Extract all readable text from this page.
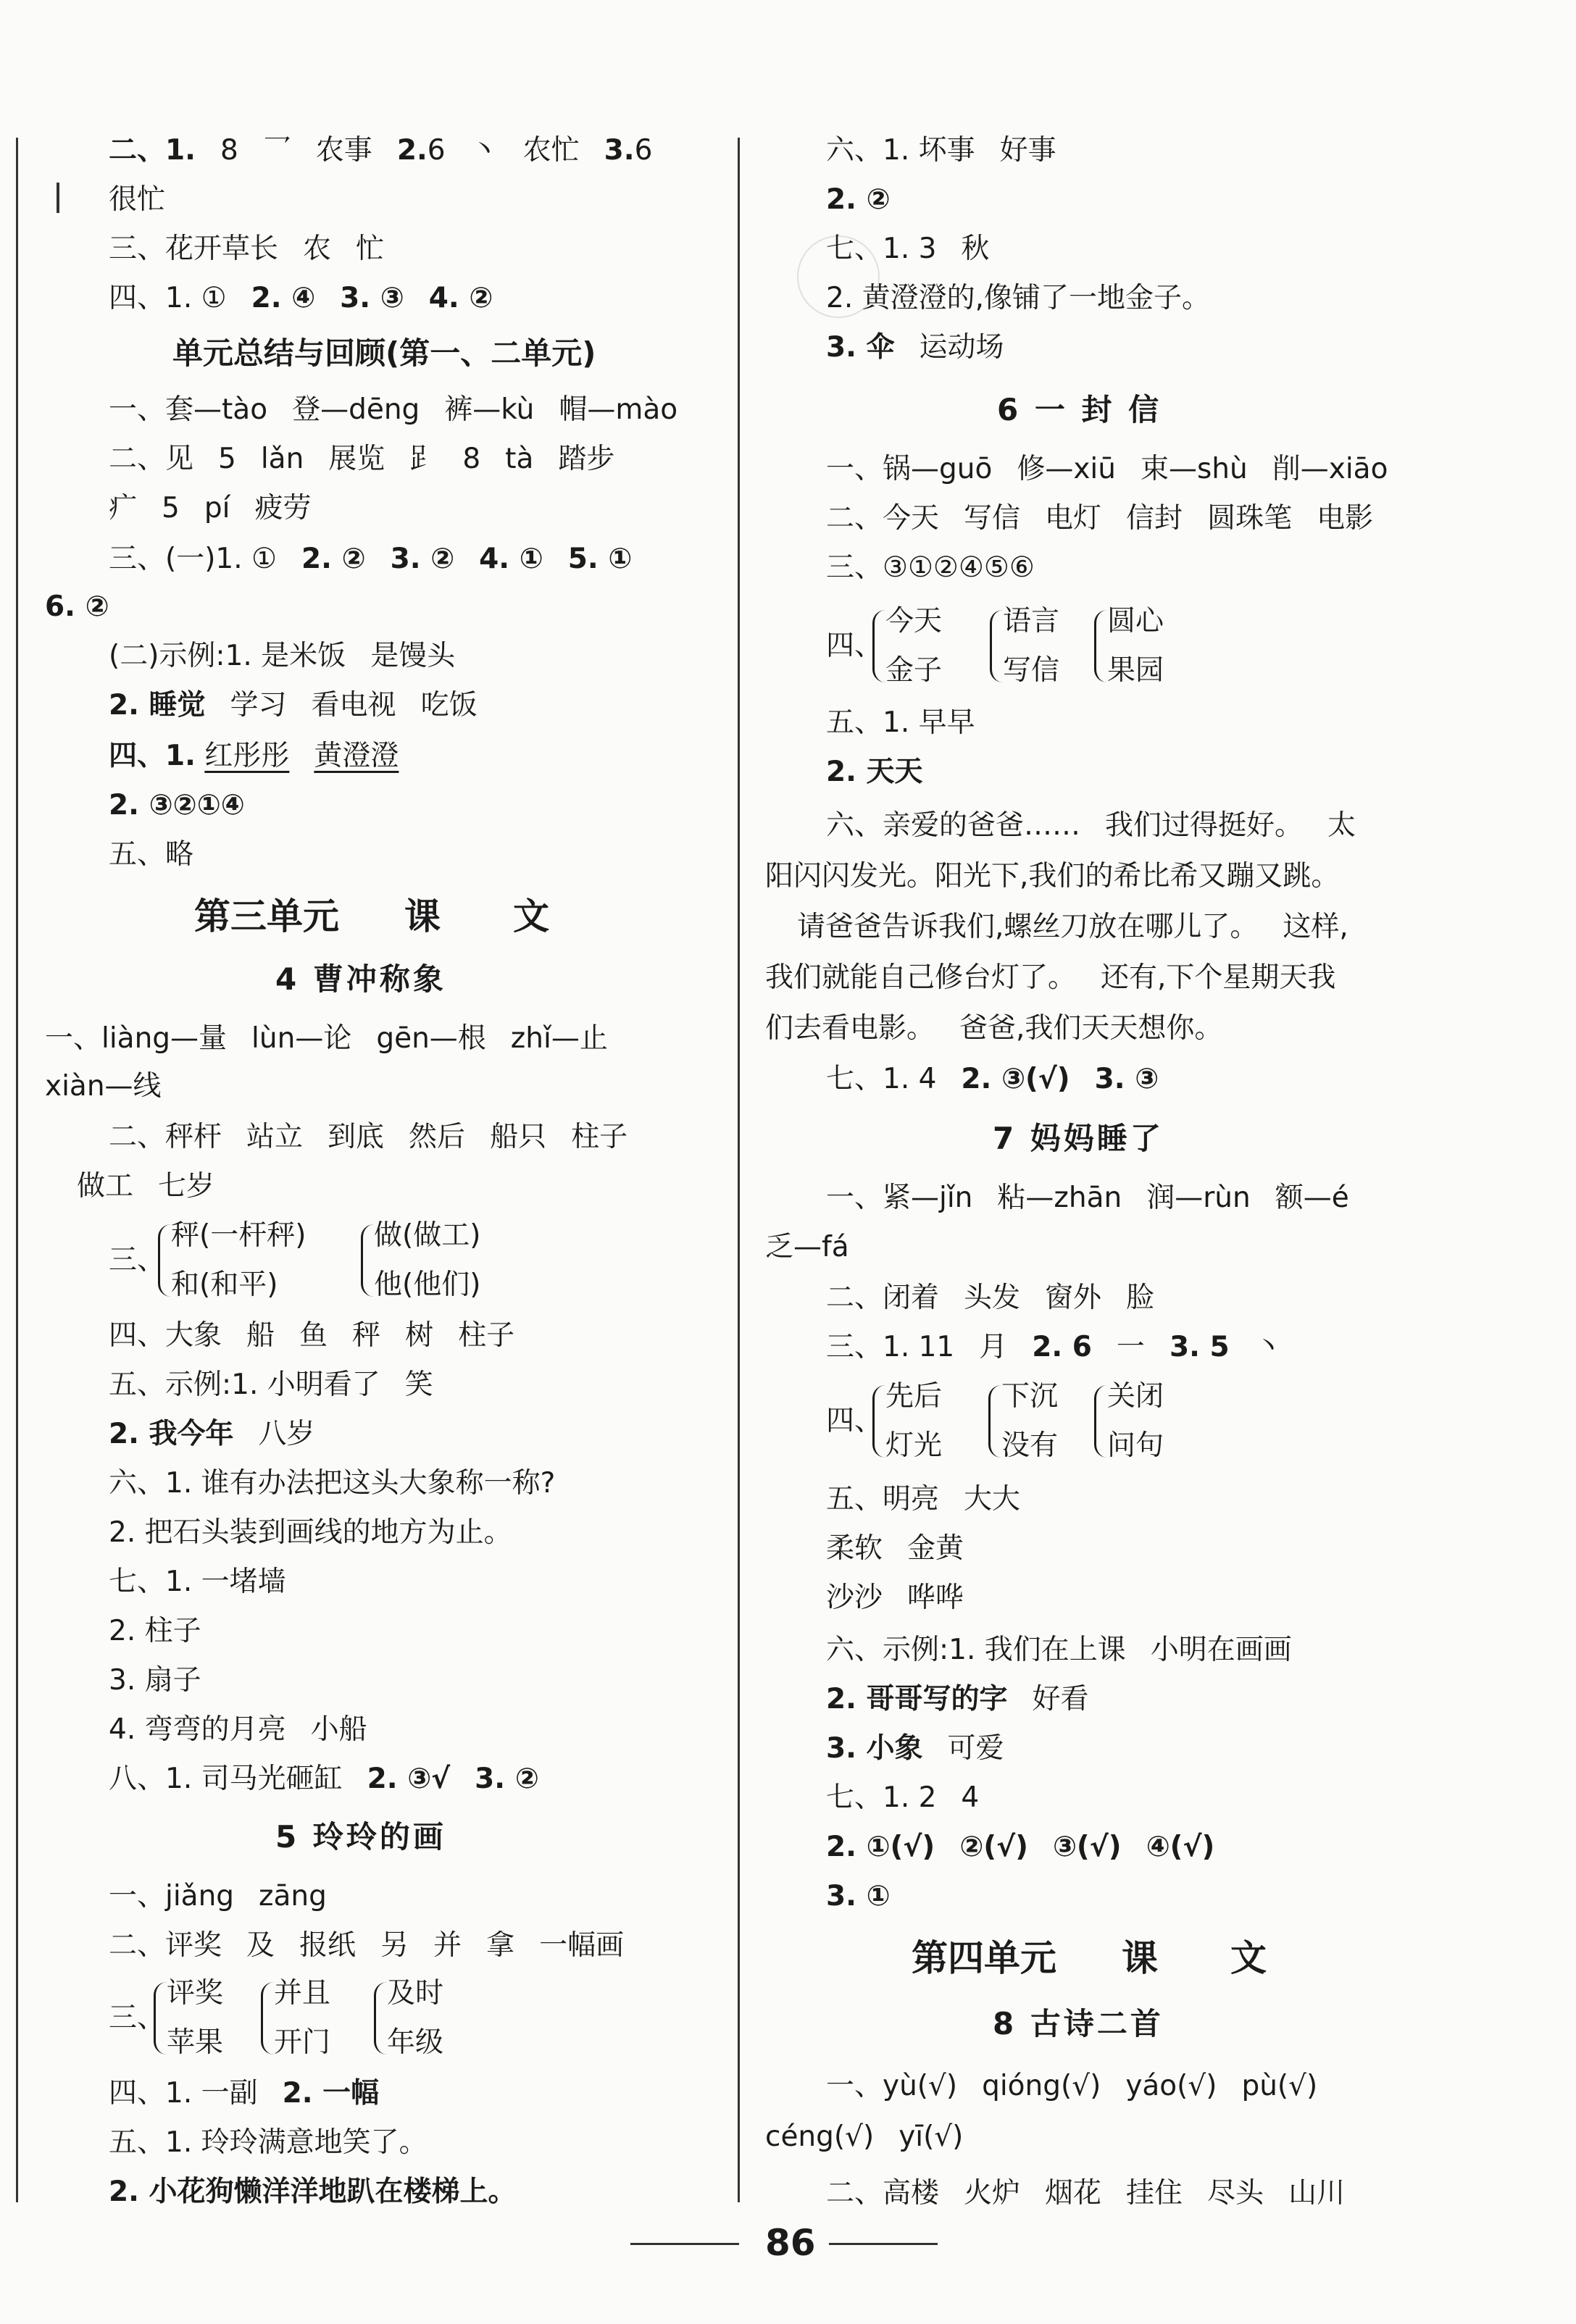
二、1. 8 乛 农事 2.6 丶 农忙 3.6
很忙
三、花开草长 农 忙
四、1. ① 2. ④ 3. ③ 4. ②
单元总结与回顾(第一、二单元)
一、套—tào 登—dēng 裤—kù 帽—mào
二、见 5 lǎn 展览 𧾷 8 tà 踏步
疒 5 pí 疲劳
三、(一)1. ① 2. ② 3. ② 4. ① 5. ①
6. ②
(二)示例:1. 是米饭 是馒头
2. 睡觉 学习 看电视 吃饭
四、1. 红彤彤 黄澄澄
2. ③②①④
五、略
第三单元 课 文
4 曹冲称象
一、liàng—量 lùn—论 gēn—根 zhǐ—止
xiàn—线
二、秤杆 站立 到底 然后 船只 柱子
做工 七岁
三、
秤(一杆秤)
和(和平)
做(做工)
他(他们)
四、大象 船 鱼 秤 树 柱子
五、示例:1. 小明看了 笑
2. 我今年 八岁
六、1. 谁有办法把这头大象称一称?
2. 把石头装到画线的地方为止。
七、1. 一堵墙
2. 柱子
3. 扇子
4. 弯弯的月亮 小船
八、1. 司马光砸缸 2. ③√ 3. ②
5 玲玲的画
一、jiǎng zāng
二、评奖 及 报纸 另 并 拿 一幅画
三、
评奖
苹果
并且
开门
及时
年级
四、1. 一副 2. 一幅
五、1. 玲玲满意地笑了。
2. 小花狗懒洋洋地趴在楼梯上。
六、1. 坏事 好事
2. ②
七、1. 3 秋
2. 黄澄澄的,像铺了一地金子。
3. 伞 运动场
6 一 封 信
一、锅—guō 修—xiū 束—shù 削—xiāo
二、今天 写信 电灯 信封 圆珠笔 电影
三、③①②④⑤⑥
四、
今天
金子
语言
写信
圆心
果园
五、1. 早早
2. 天天
六、亲爱的爸爸…… 我们过得挺好。 太
阳闪闪发光。阳光下,我们的希比希又蹦又跳。
请爸爸告诉我们,螺丝刀放在哪儿了。 这样,
我们就能自己修台灯了。 还有,下个星期天我
们去看电影。 爸爸,我们天天想你。
七、1. 4 2. ③(√) 3. ③
7 妈妈睡了
一、紧—jǐn 粘—zhān 润—rùn 额—é
乏—fá
二、闭着 头发 窗外 脸
三、1. 11 月 2. 6 一 3. 5 丶
四、
先后
灯光
下沉
没有
关闭
问句
五、明亮 大大
柔软 金黄
沙沙 哗哗
六、示例:1. 我们在上课 小明在画画
2. 哥哥写的字 好看
3. 小象 可爱
七、1. 2 4
2. ①(√) ②(√) ③(√) ④(√)
3. ①
第四单元 课 文
8 古诗二首
一、yù(√) qióng(√) yáo(√) pù(√)
céng(√) yī(√)
二、高楼 火炉 烟花 挂住 尽头 山川
86
